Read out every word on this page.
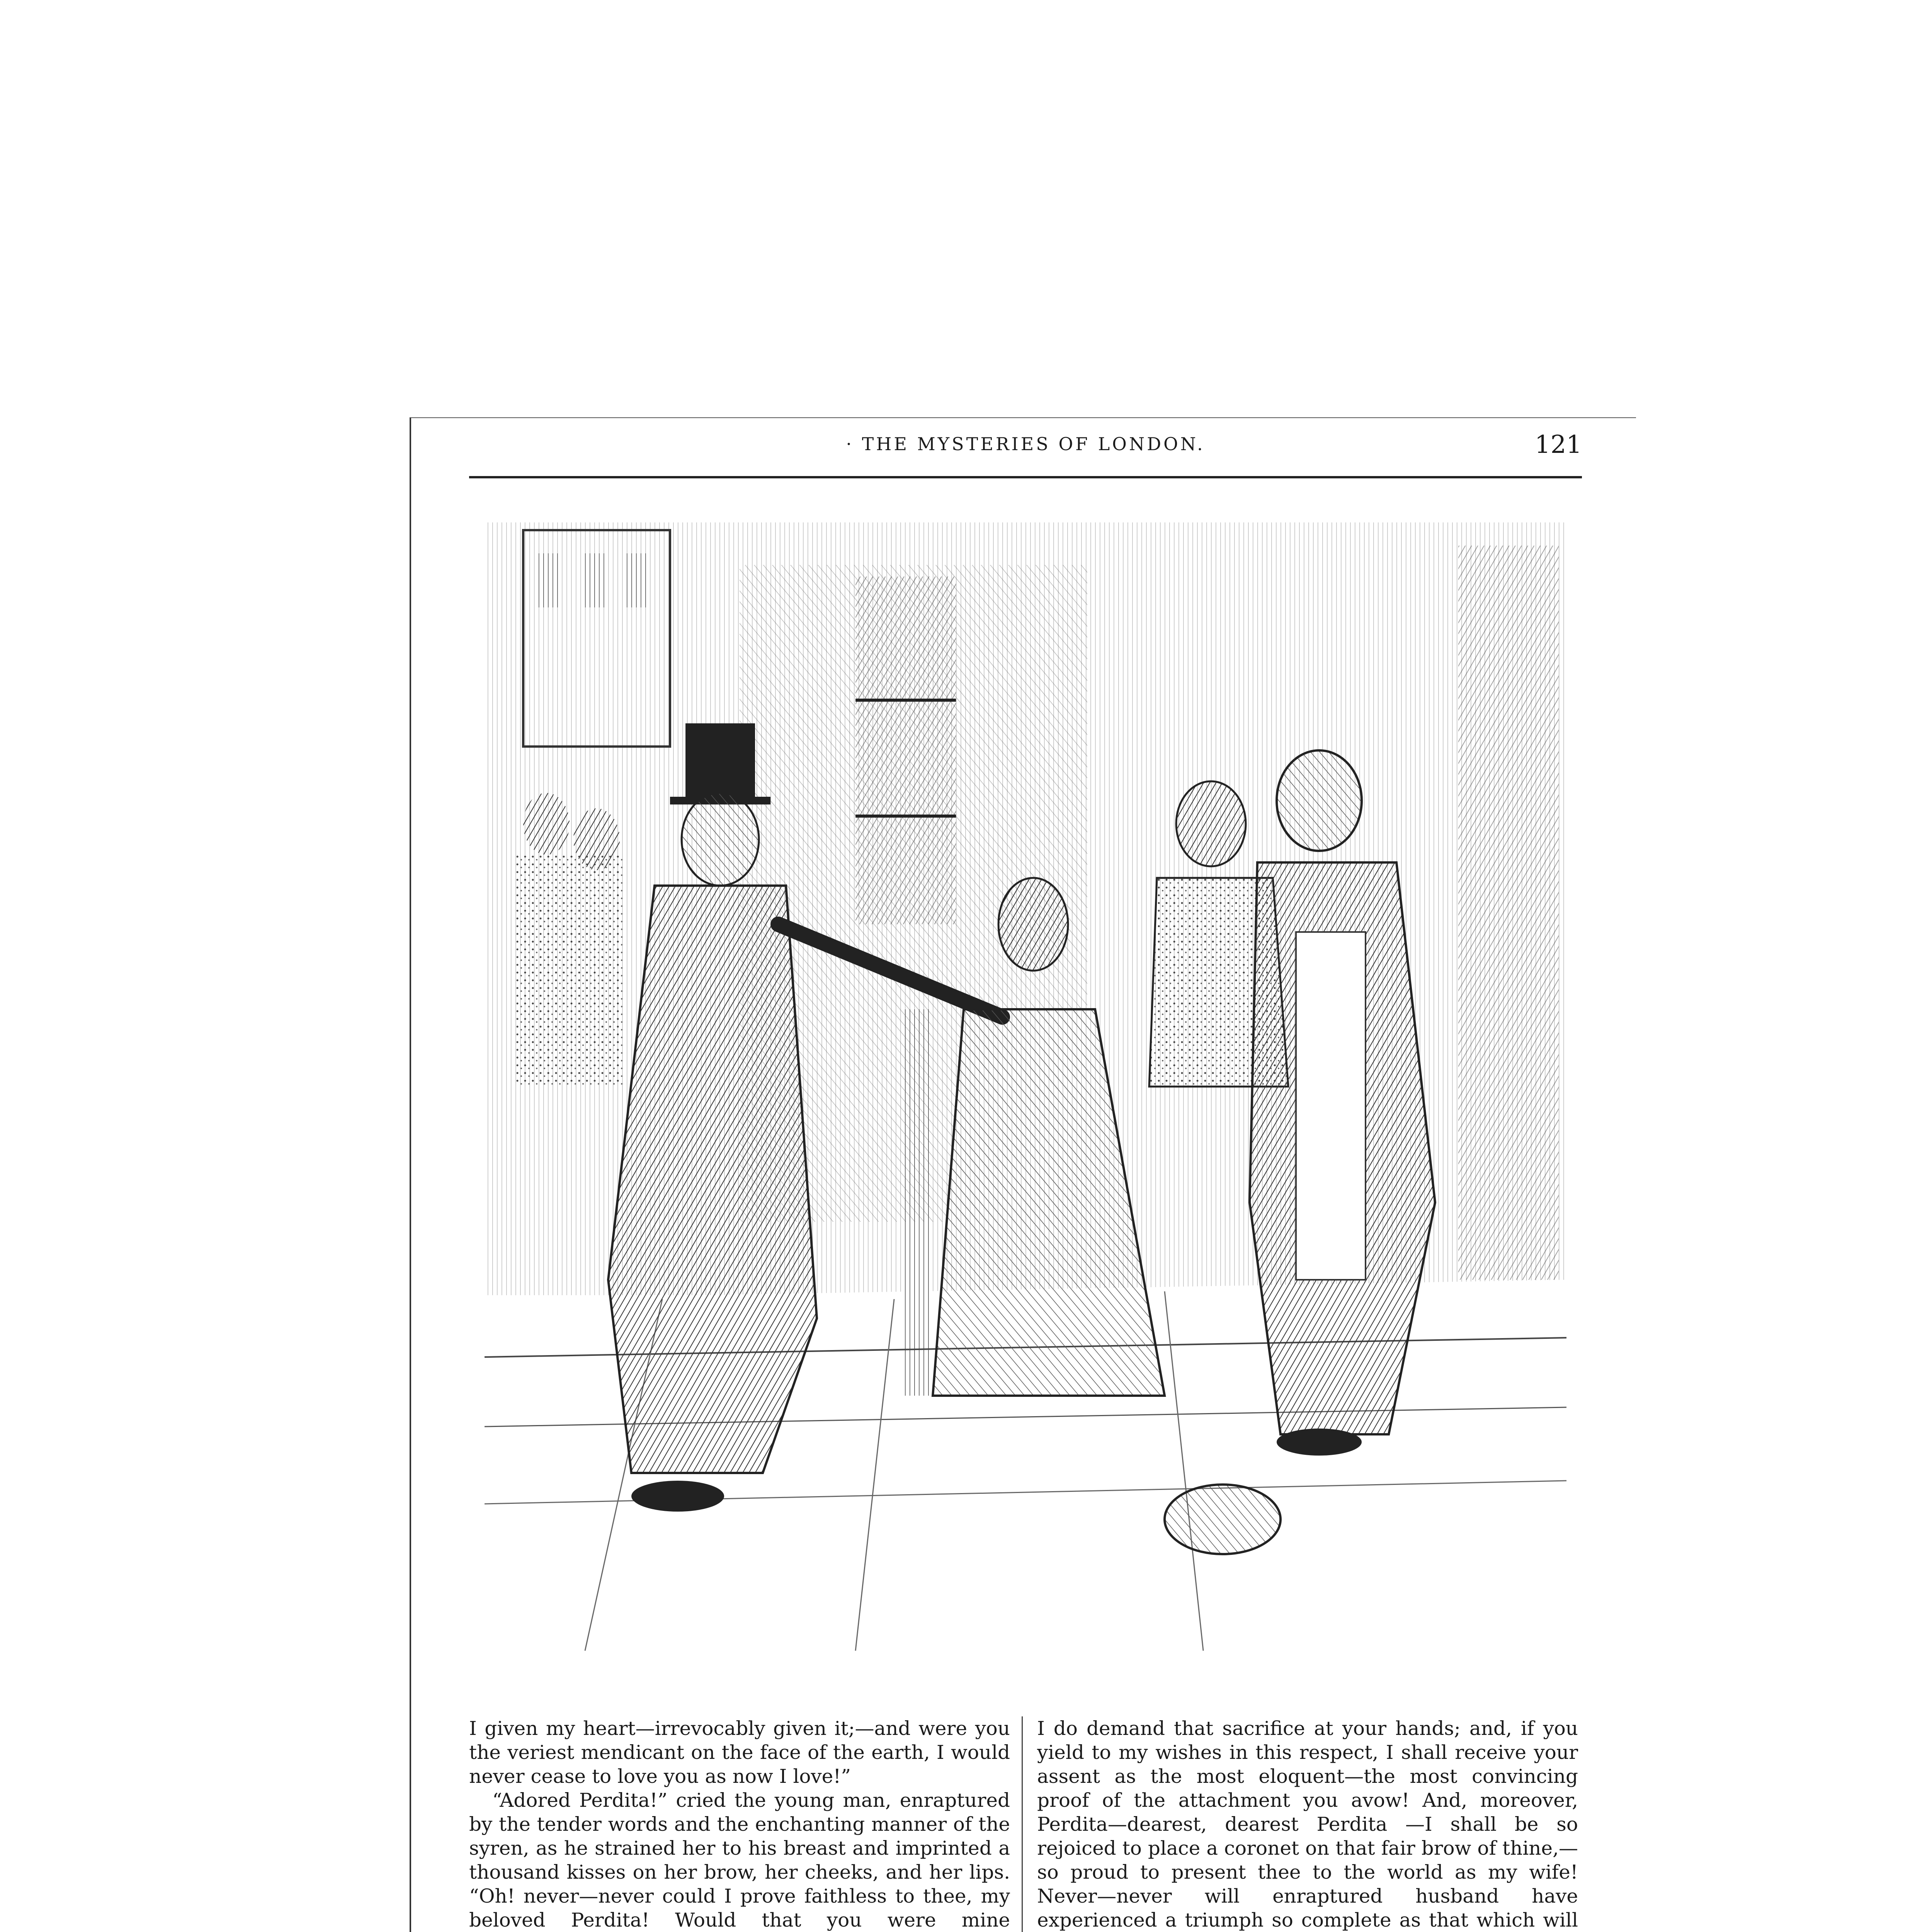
· THE MYSTERIES OF LONDON.	121

I given my heart—irrevocably given it;—and were you the veriest mendicant on the face of the earth, I would never cease to love you as now I love!”

“Adored Perdita!” cried the young man, enraptured by the tender words and the enchanting manner of the syren, as he strained her to his breast and imprinted a thousand kisses on her brow, her cheeks, and her lips. “Oh! never—never could I prove faithless to thee, my beloved Perdita! Would that you were mine

I do demand that sacrifice at your hands; and, if you yield to my wishes in this respect, I shall receive your assent as the most eloquent—the most convincing proof of the attachment you avow! And, moreover, Perdita—dearest, dearest Perdita —I shall be so rejoiced to place a coronet on that fair brow of thine,—so proud to present thee to the world as my wife! Never—never will enraptured husband have experienced a triumph so complete as that which will
